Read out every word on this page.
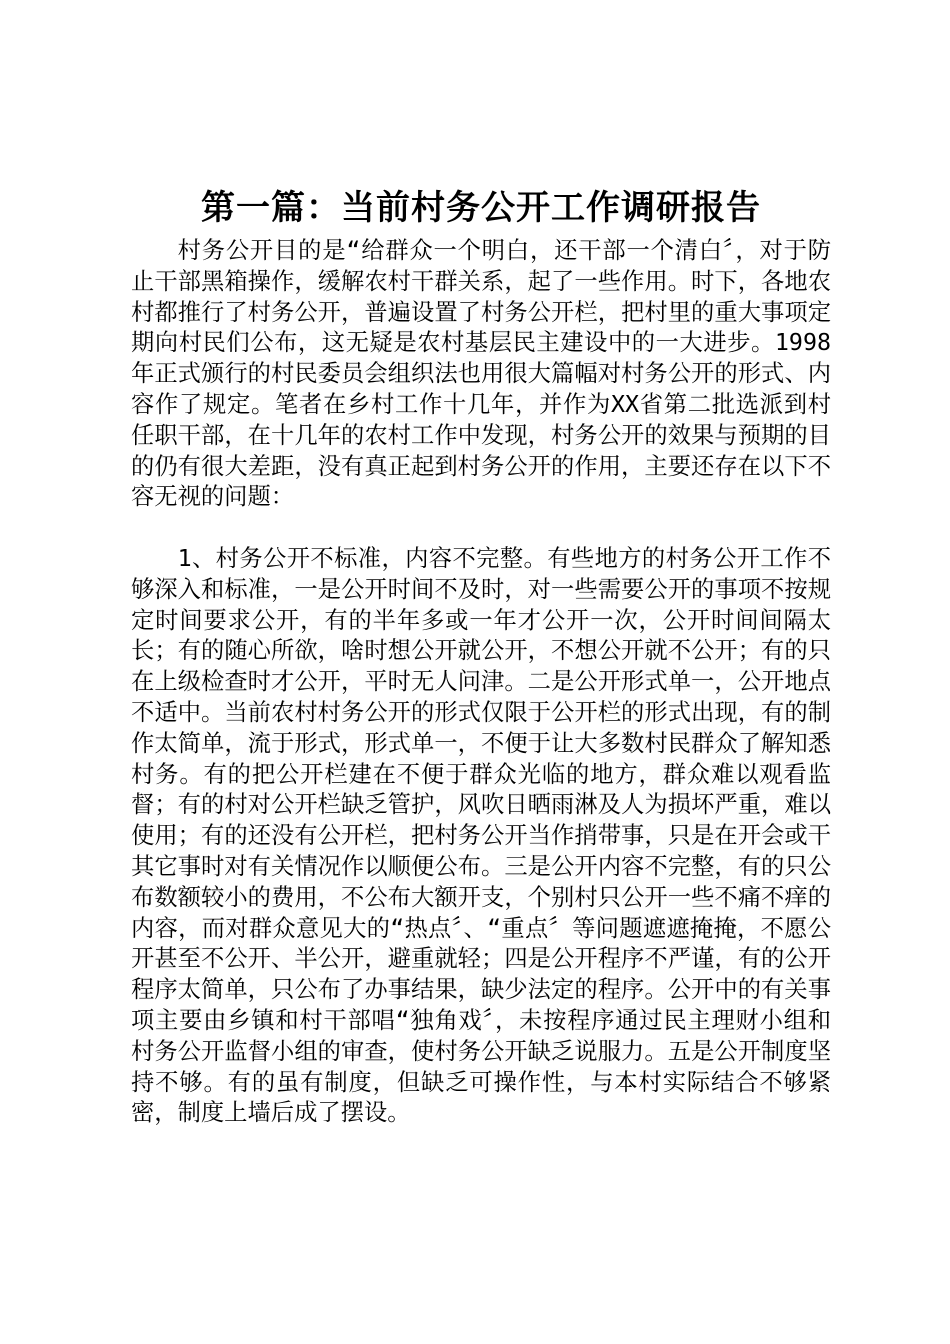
第一篇：当前村务公开工作调研报告

村务公开目的是“给群众一个明白，还干部一个清白〞，对于防止干部黑箱操作，缓解农村干群关系，起了一些作用。时下，各地农村都推行了村务公开，普遍设置了村务公开栏，把村里的重大事项定期向村民们公布，这无疑是农村基层民主建设中的一大进步。1998年正式颁行的村民委员会组织法也用很大篇幅对村务公开的形式、内容作了规定。笔者在乡村工作十几年，并作为XX省第二批选派到村任职干部，在十几年的农村工作中发现，村务公开的效果与预期的目的仍有很大差距，没有真正起到村务公开的作用，主要还存在以下不容无视的问题：

1、村务公开不标准，内容不完整。有些地方的村务公开工作不够深入和标准，一是公开时间不及时，对一些需要公开的事项不按规定时间要求公开，有的半年多或一年才公开一次，公开时间间隔太长；有的随心所欲，啥时想公开就公开，不想公开就不公开；有的只在上级检查时才公开，平时无人问津。二是公开形式单一，公开地点不适中。当前农村村务公开的形式仅限于公开栏的形式出现，有的制作太简单，流于形式，形式单一，不便于让大多数村民群众了解知悉村务。有的把公开栏建在不便于群众光临的地方，群众难以观看监督；有的村对公开栏缺乏管护，风吹日晒雨淋及人为损坏严重，难以使用；有的还没有公开栏，把村务公开当作捎带事，只是在开会或干其它事时对有关情况作以顺便公布。三是公开内容不完整，有的只公布数额较小的费用，不公布大额开支，个别村只公开一些不痛不痒的内容，而对群众意见大的“热点〞、“重点〞等问题遮遮掩掩，不愿公开甚至不公开、半公开，避重就轻；四是公开程序不严谨，有的公开程序太简单，只公布了办事结果，缺少法定的程序。公开中的有关事项主要由乡镇和村干部唱“独角戏〞，未按程序通过民主理财小组和村务公开监督小组的审查，使村务公开缺乏说服力。五是公开制度坚持不够。有的虽有制度，但缺乏可操作性，与本村实际结合不够紧密，制度上墙后成了摆设。
